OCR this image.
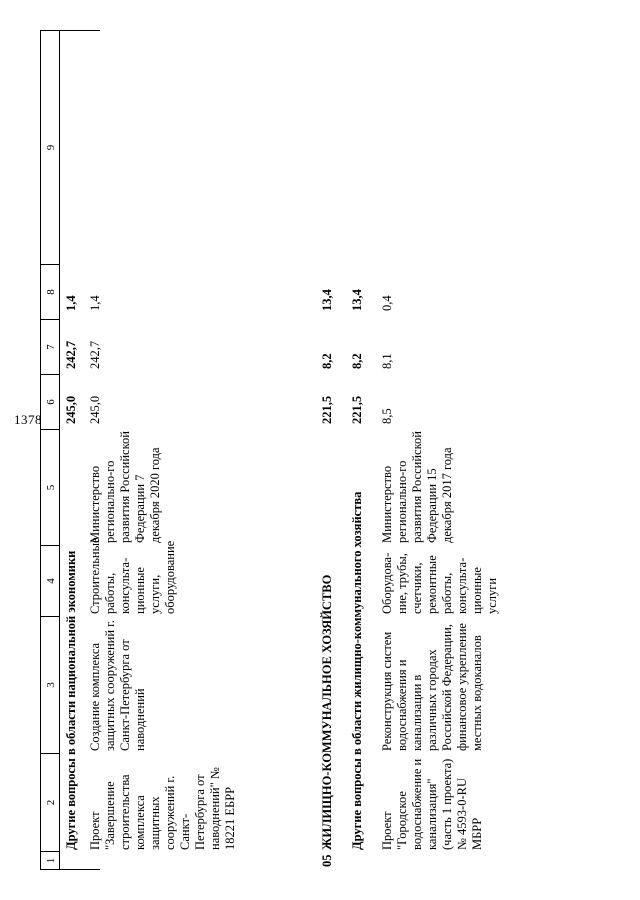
1378
1
2
3
4
5
6
7
8
9
Другие вопросы в области национальной экономики
245,0
242,7
1,4
Проект "Завершение строительства комплекса защитных сооружений г. Санкт-Петербурга от наводнений" № 18221 ЕБРР
Создание комплекса защитных сооружений г. Санкт-Петербурга от наводнений
Строительные работы, консульта-ционные услуги, оборудование
Министерство регионально-го развития Российской Федерации 7 декабря 2020 года
245,0
242,7
1,4
05
ЖИЛИЩНО-КОММУНАЛЬНОЕ ХОЗЯЙСТВО
221,5
8,2
13,4
Другие вопросы в области жилищно-коммунального хозяйства
221,5
8,2
13,4
Проект "Городское водоснабжение и канализация" (часть 1 проекта) № 4593-0-RU МБРР
Реконструкция систем водоснабжения и канализации в различных городах Российской Федерации, финансовое укрепление местных водоканалов
Оборудова-ние, трубы, счетчики, ремонтные работы, консульта-ционные услуги
Министерство регионально-го развития Российской Федерации 15 декабря 2017 года
8,5
8,1
0,4
